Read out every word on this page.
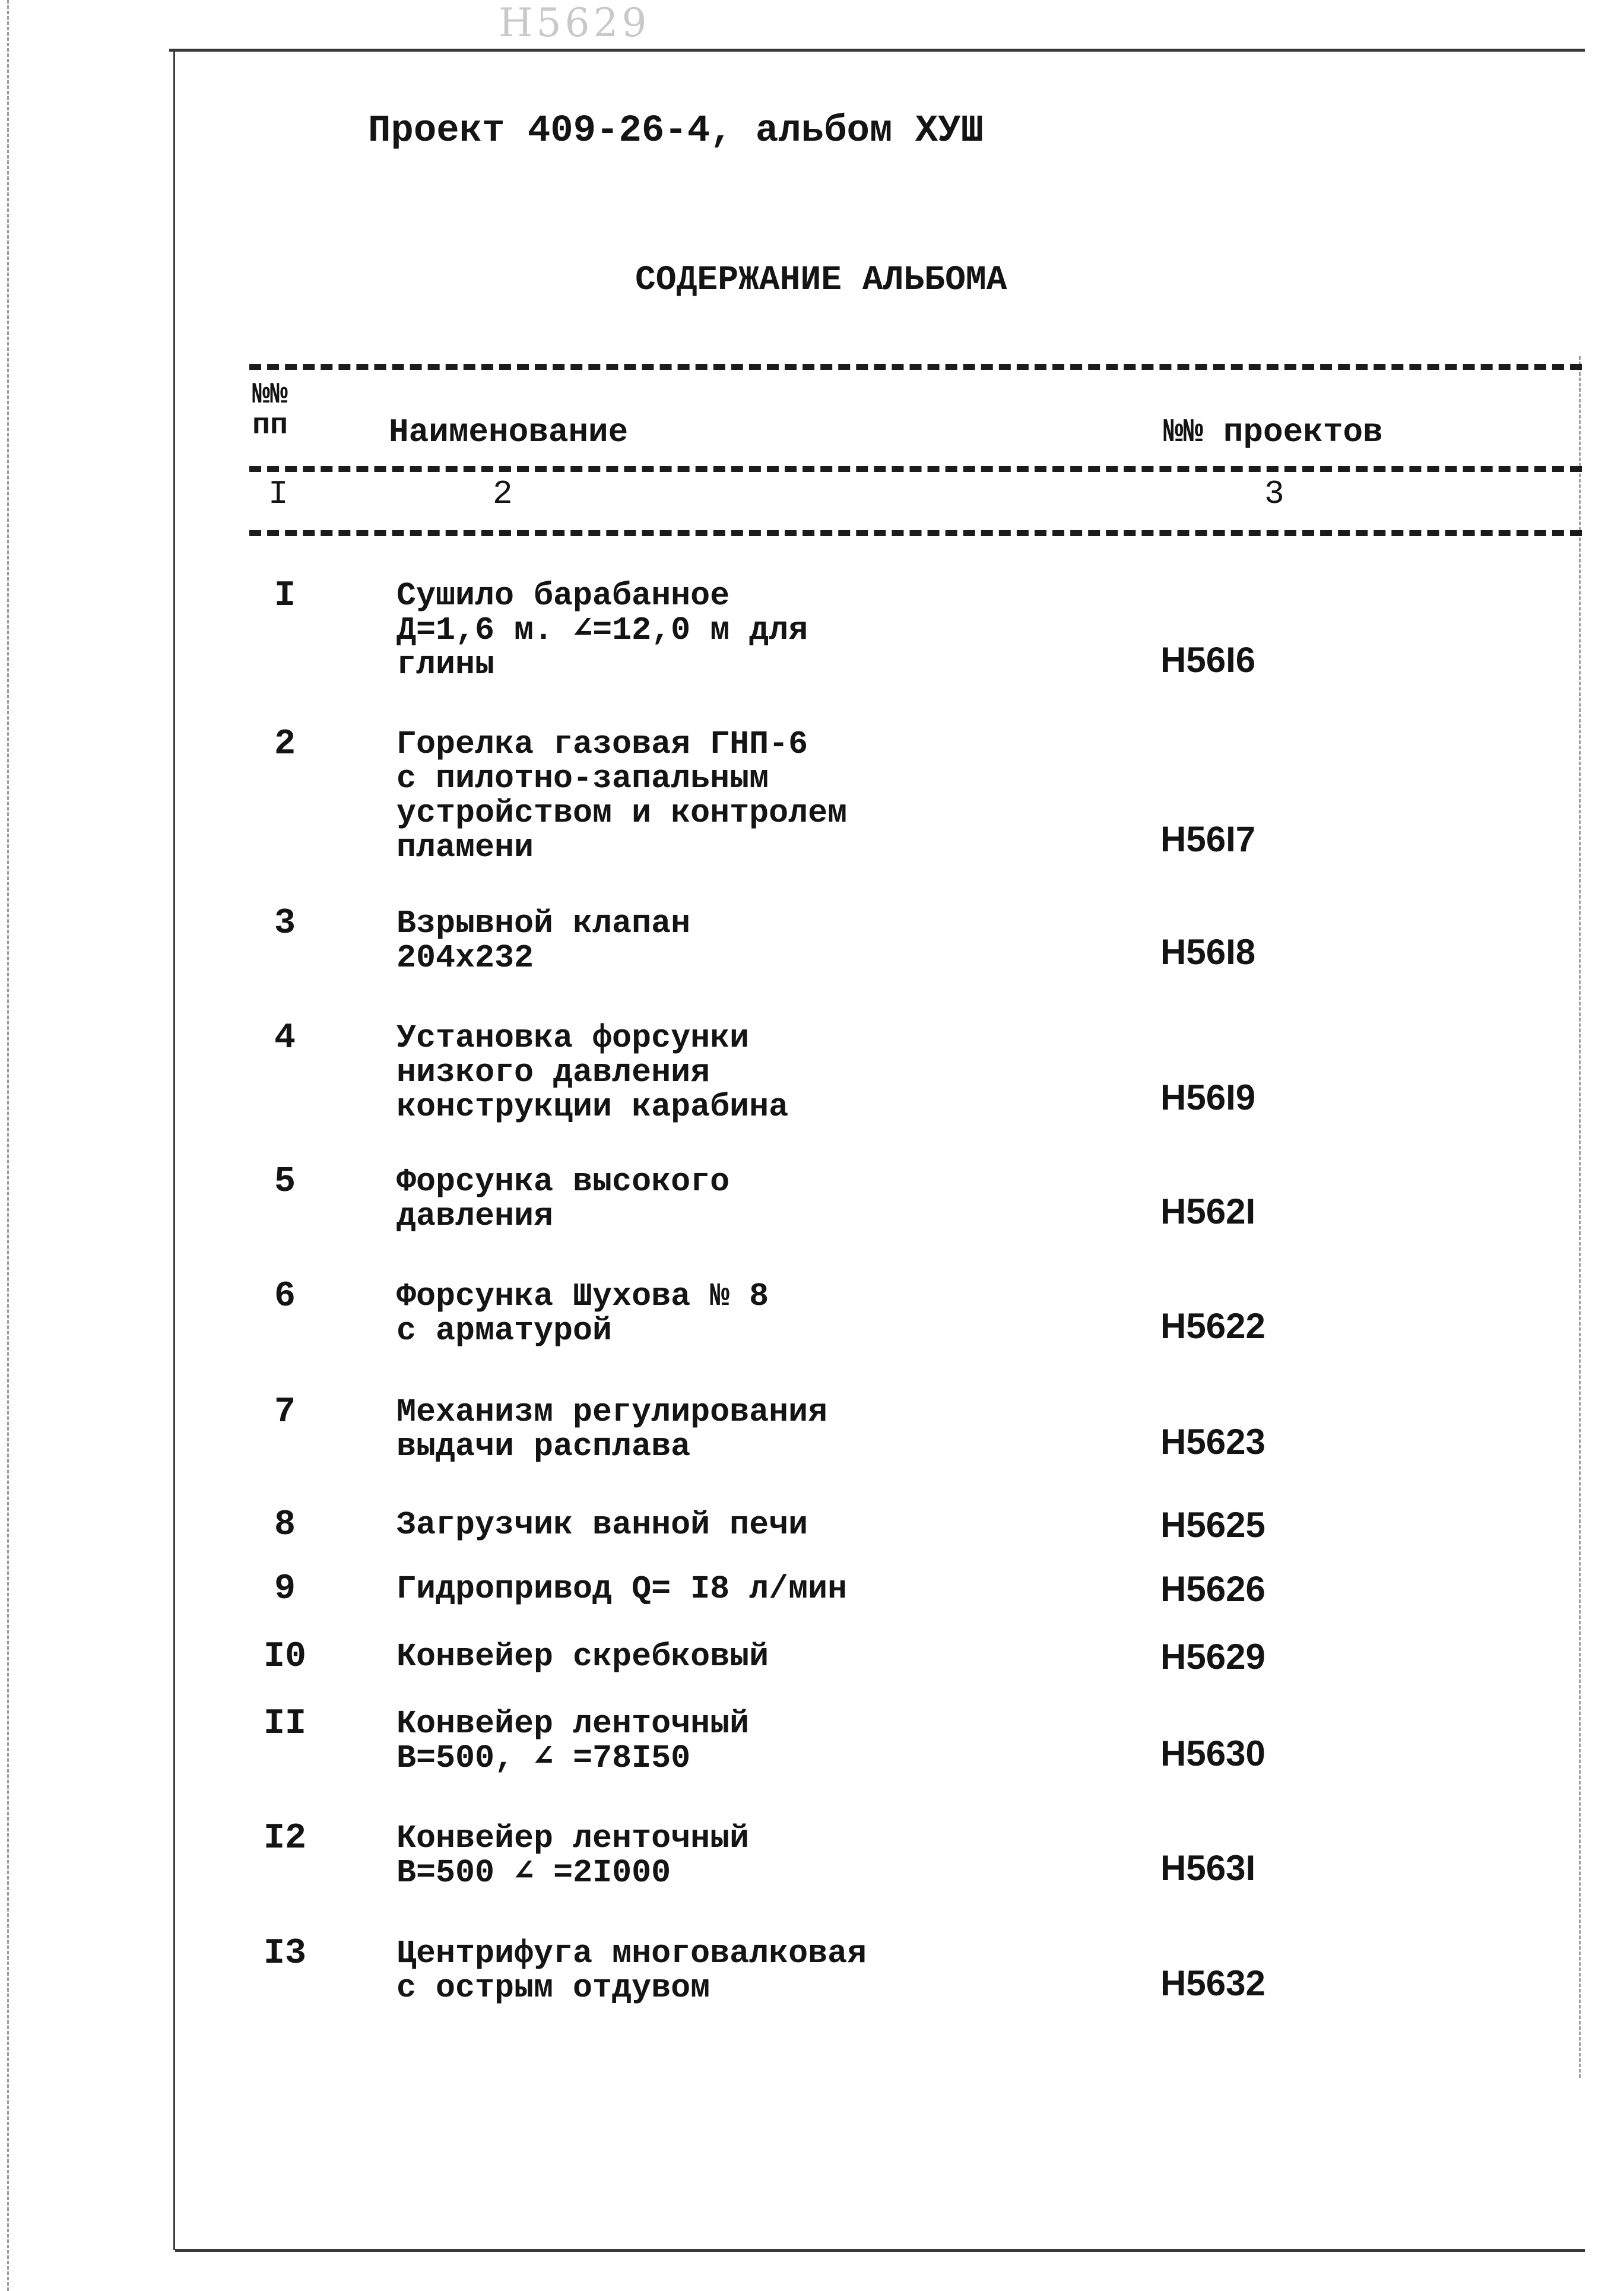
H5629
Проект 409-26-4, альбом ХУШ
СОДЕРЖАНИЕ АЛЬБОМА
№№
пп	Наименование	№№ проектов
I	2	3
I	Сушило барабанное
Д=1,6 м. ∠=12,0 м для
глины	Н56I6
2	Горелка газовая ГНП-6
с пилотно-запальным
устройством и контролем
пламени	Н56I7
3	Взрывной клапан
204х232	Н56I8
4	Установка форсунки
низкого давления
конструкции карабина	Н56I9
5	Форсунка высокого
давления	Н562I
6	Форсунка Шухова № 8
с арматурой	Н5622
7	Механизм регулирования
выдачи расплава	Н5623
8	Загрузчик ванной печи	Н5625
9	Гидропривод Q= I8 л/мин	Н5626
I0	Конвейер скребковый	Н5629
II	Конвейер ленточный
В=500, ∠ =78I50	Н5630
I2	Конвейер ленточный
В=500 ∠ =2I000	Н563I
I3	Центрифуга многовалковая
с острым отдувом	Н5632
